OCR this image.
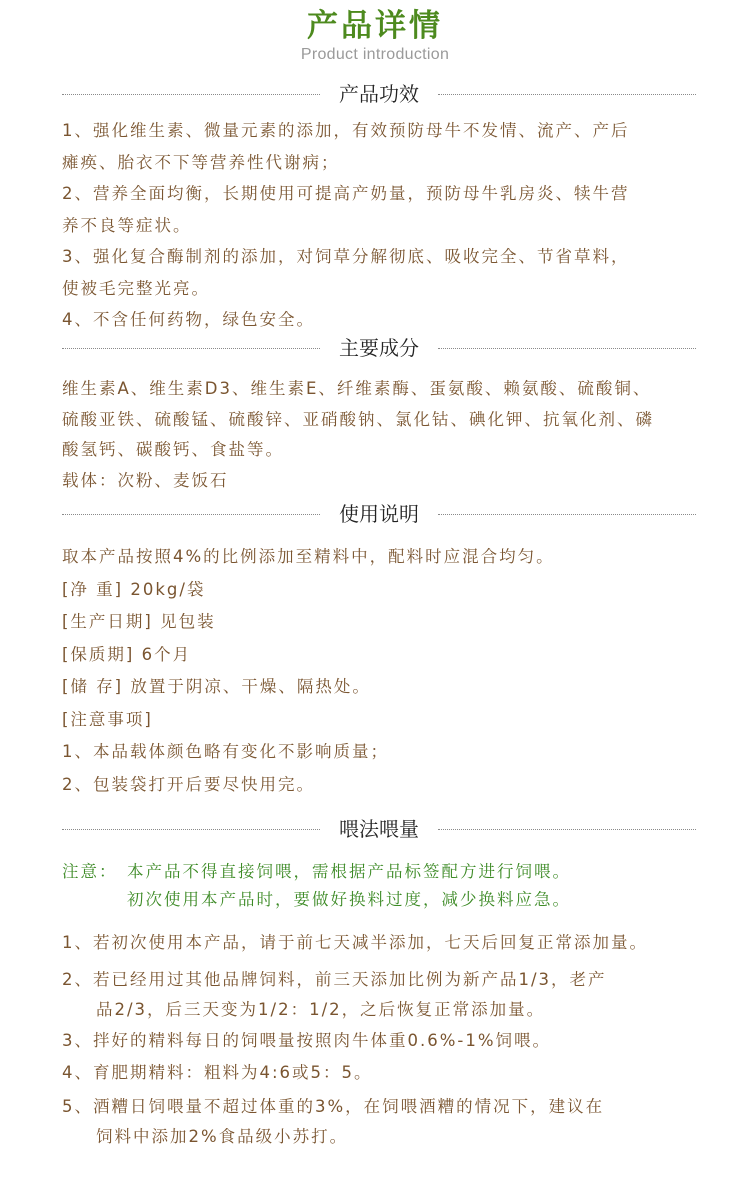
产品详情
Product introduction
产品功效
1、强化维生素、微量元素的添加，有效预防母牛不发情、流产、产后
瘫痪、胎衣不下等营养性代谢病；
2、营养全面均衡，长期使用可提高产奶量，预防母牛乳房炎、犊牛营
养不良等症状。
3、强化复合酶制剂的添加，对饲草分解彻底、吸收完全、节省草料，
使被毛完整光亮。
4、不含任何药物，绿色安全。
主要成分
维生素A、维生素D3、维生素E、纤维素酶、蛋氨酸、赖氨酸、硫酸铜、
硫酸亚铁、硫酸锰、硫酸锌、亚硝酸钠、氯化钴、碘化钾、抗氧化剂、磷
酸氢钙、碳酸钙、食盐等。
载体：次粉、麦饭石
使用说明
取本产品按照4%的比例添加至精料中，配料时应混合均匀。
[净 重] 20kg/袋
[生产日期] 见包装
[保质期] 6个月
[储 存] 放置于阴凉、干燥、隔热处。
[注意事项]
1、本品载体颜色略有变化不影响质量；
2、包装袋打开后要尽快用完。
喂法喂量
注意： 本产品不得直接饲喂，需根据产品标签配方进行饲喂。
初次使用本产品时，要做好换料过度，减少换料应急。
1、若初次使用本产品，请于前七天减半添加，七天后回复正常添加量。
2、若已经用过其他品牌饲料，前三天添加比例为新产品1/3，老产
品2/3，后三天变为1/2：1/2，之后恢复正常添加量。
3、拌好的精料每日的饲喂量按照肉牛体重0.6%-1%饲喂。
4、育肥期精料：粗料为4:6或5：5。
5、酒糟日饲喂量不超过体重的3%，在饲喂酒糟的情况下，建议在
饲料中添加2%食品级小苏打。
